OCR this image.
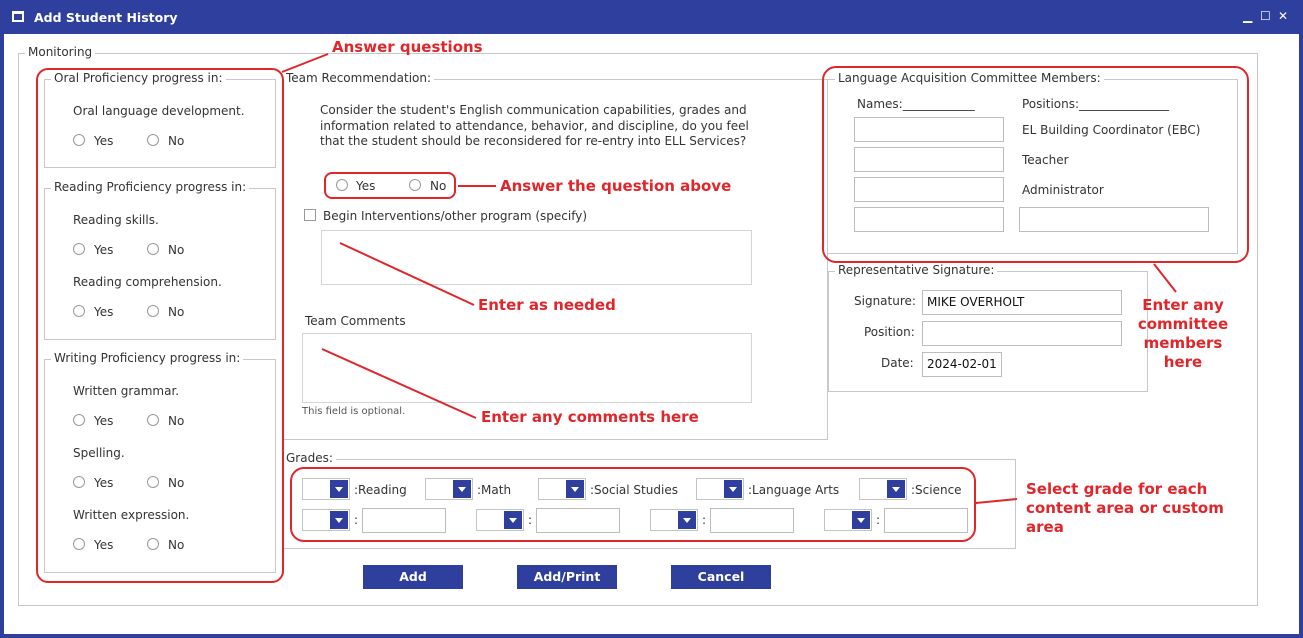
Add Student History	▁ ☐ ✕
Monitoring
Oral Proficiency progress in:
Oral language development.
Yes	No
Reading Proficiency progress in:
Reading skills.
Yes	No
Reading comprehension.
Yes	No
Writing Proficiency progress in:
Written grammar.
Yes	No
Spelling.
Yes	No
Written expression.
Yes	No
Team Recommendation:
Consider the student's English communication capabilities, grades and information related to attendance, behavior, and discipline, do you feel that the student should be reconsidered for re-entry into ELL Services?
Yes	No
Begin Interventions/other program (specify)
Team Comments
This field is optional.
Language Acquisition Committee Members:
Names:____________	Positions:_______________
EL Building Coordinator (EBC)
Teacher
Administrator
Representative Signature:
Signature: MIKE OVERHOLT
Position:
Date:	2024-02-01
Grades:
:Reading	:Math	:Social Studies	:Language Arts	:Science
:	:	:	:
Add	Add/Print	Cancel
Answer questions
Answer the question above
Enter as needed
Enter any comments here
Enter any committee members here
Select grade for each content area or custom area
